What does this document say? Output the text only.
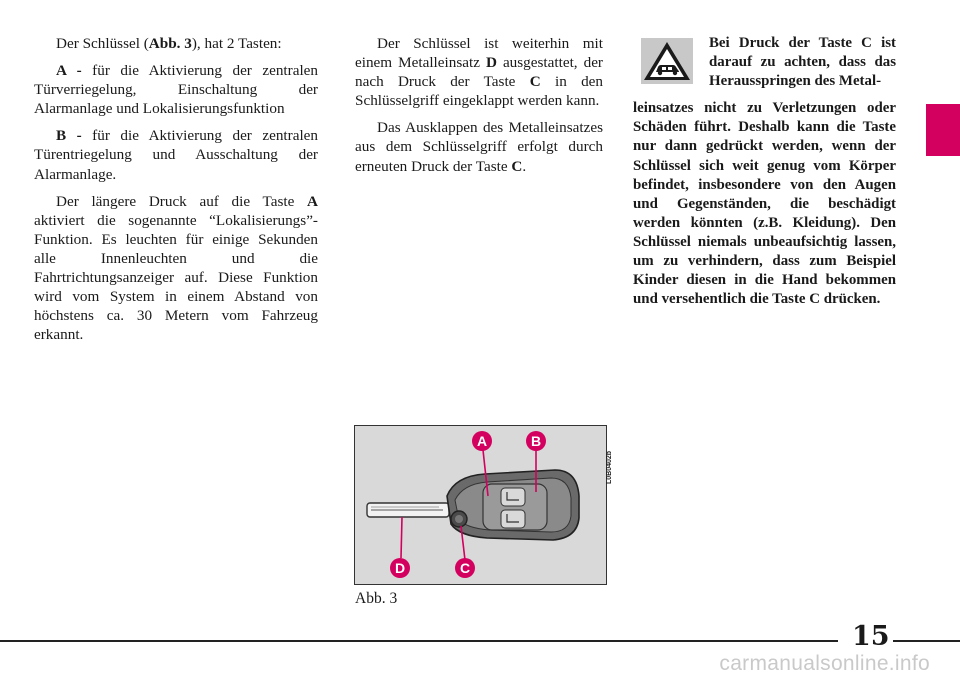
Der Schlüssel (Abb. 3), hat 2 Tasten:

A - für die Aktivierung der zentralen Türverriegelung, Einschaltung der Alarmanlage und Lokalisierungsfunktion

B - für die Aktivierung der zentralen Türentriegelung und Ausschaltung der Alarmanlage.

Der längere Druck auf die Taste A aktiviert die sogenannte “Lokalisierungs”-Funktion. Es leuchten für einige Sekunden alle Innenleuchten und die Fahrtrichtungsanzeiger auf. Diese Funktion wird vom System in einem Abstand von höchstens ca. 30 Metern vom Fahrzeug erkannt.

Der Schlüssel ist weiterhin mit einem Metalleinsatz D ausgestattet, der nach Druck der Taste C in den Schlüsselgriff eingeklappt werden kann.

Das Ausklappen des Metalleinsatzes aus dem Schlüsselgriff erfolgt durch erneuten Druck der Taste C.

Bei Druck der Taste C ist darauf zu achten, dass das Herausspringen des Metal-

leinsatzes nicht zu Verletzungen oder Schäden führt. Deshalb kann die Taste nur dann gedrückt werden, wenn der Schlüssel sich weit genug vom Körper befindet, insbesondere von den Augen und Gegenständen, die beschädigt werden könnten (z.B. Kleidung). Den Schlüssel niemals unbeaufsichtig lassen, um zu verhindern, dass zum Beispiel Kinder diesen in die Hand bekommen und versehentlich die Taste C drücken.

A	B
C
D
L0B0402b
Abb. 3
15
carmanualsonline.info
